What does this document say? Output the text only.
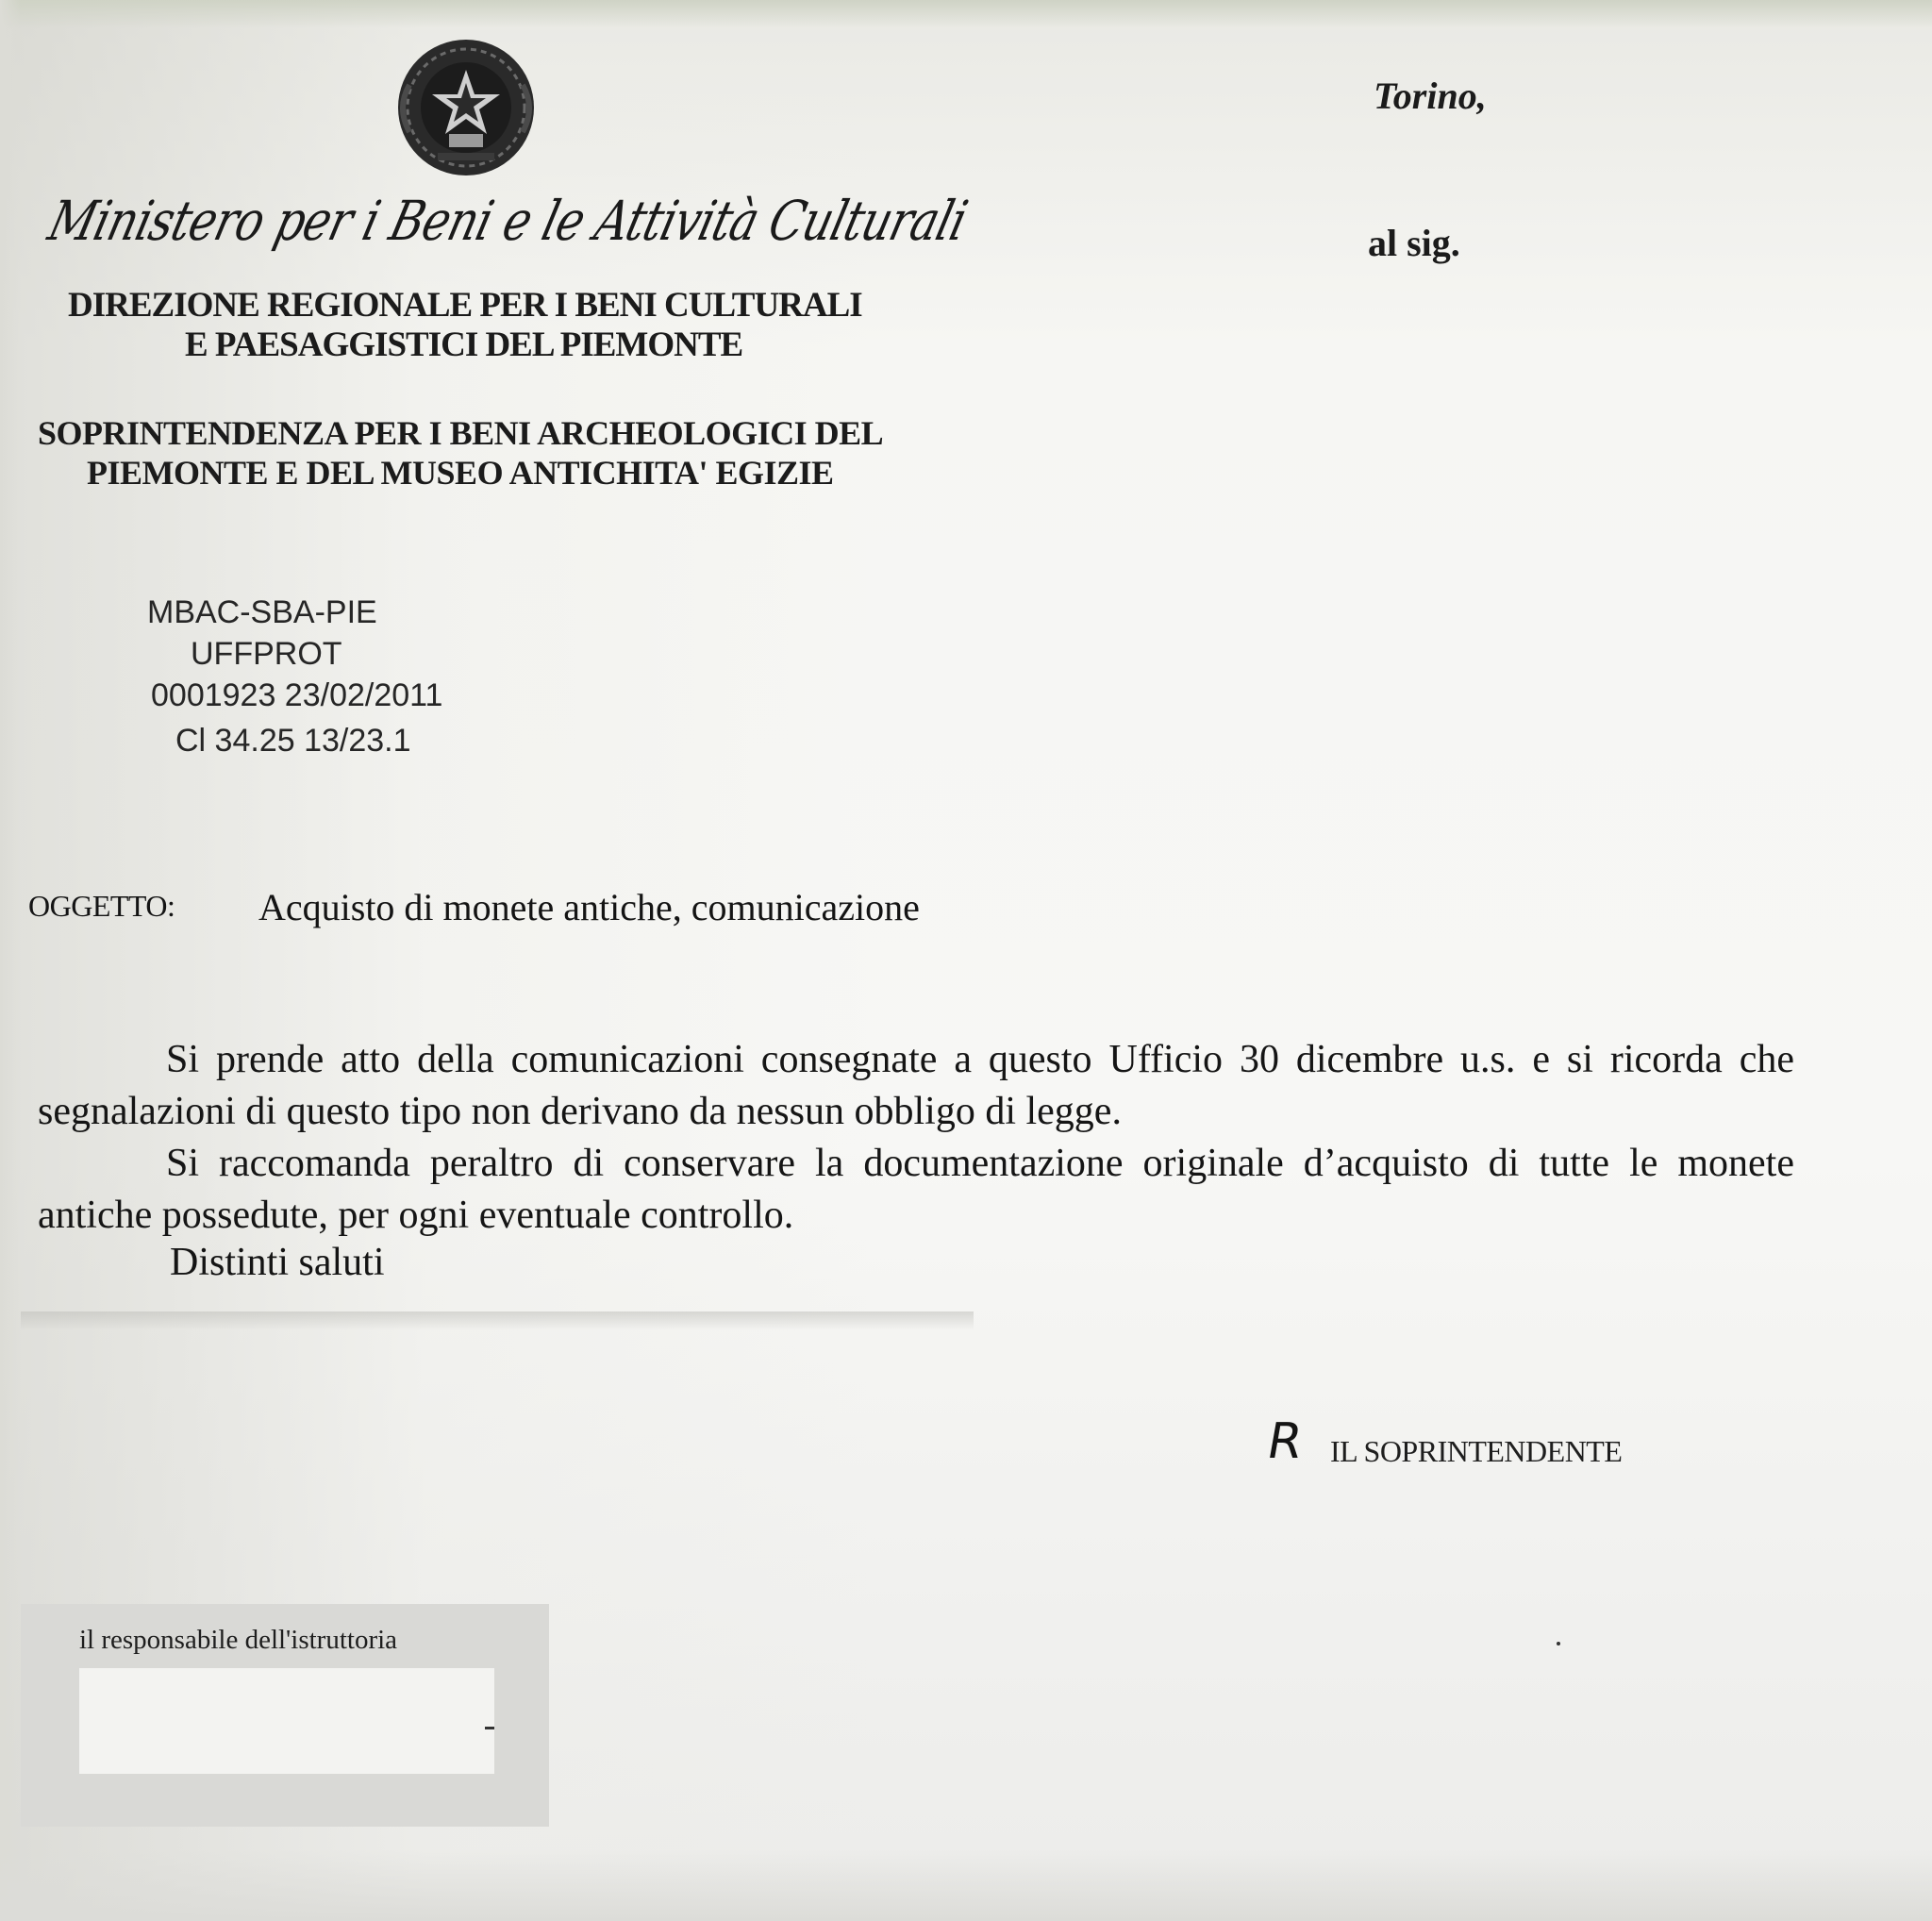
Ministero per i Beni e le Attività Culturali

DIREZIONE REGIONALE PER I BENI CULTURALI

E PAESAGGISTICI DEL PIEMONTE

SOPRINTENDENZA PER I BENI ARCHEOLOGICI DEL

PIEMONTE E DEL MUSEO ANTICHITA' EGIZIE

MBAC-SBA-PIE

UFFPROT

0001923 23/02/2011

Cl 34.25 13/23.1

Torino,

al sig.

OGGETTO: Acquisto di monete antiche, comunicazione

Si prende atto della comunicazioni consegnate a questo Ufficio 30 dicembre u.s. e si ricorda che segnalazioni di questo tipo non derivano da nessun obbligo di legge.

Si raccomanda peraltro di conservare la documentazione originale d’acquisto di tutte le monete antiche possedute, per ogni eventuale controllo.

Distinti saluti

R IL SOPRINTENDENTE

il responsabile dell'istruttoria
